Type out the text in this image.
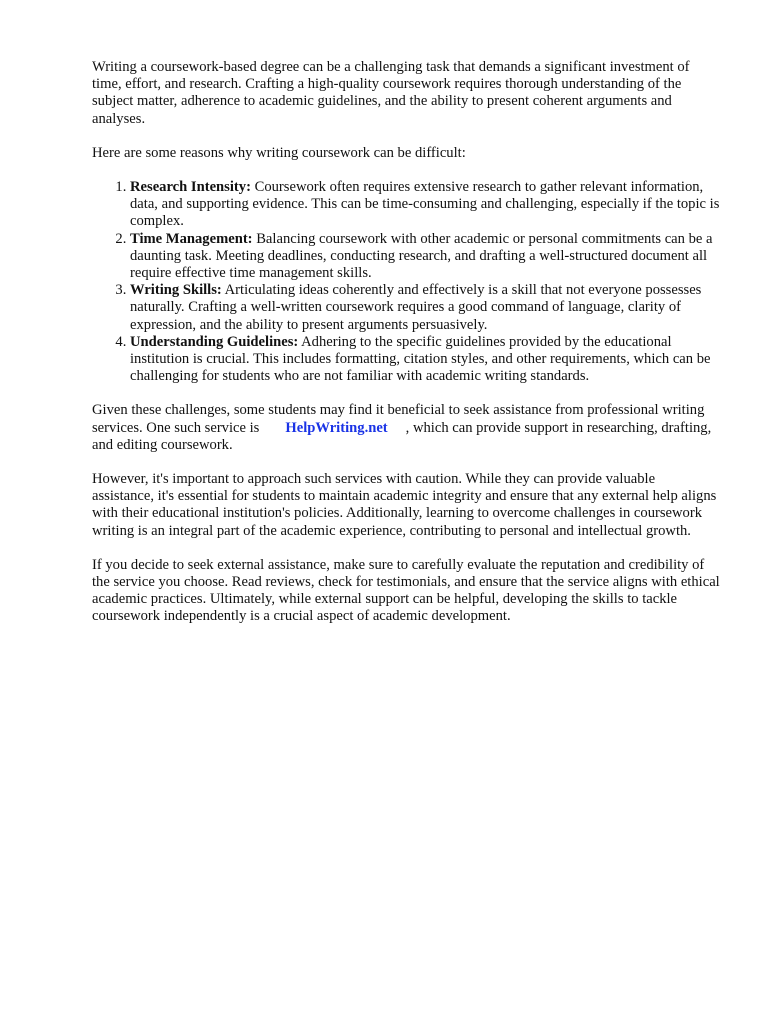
Writing a coursework-based degree can be a challenging task that demands a significant investment of time, effort, and research. Crafting a high-quality coursework requires thorough understanding of the subject matter, adherence to academic guidelines, and the ability to present coherent arguments and analyses.

Here are some reasons why writing coursework can be difficult:

1. Research Intensity: Coursework often requires extensive research to gather relevant information, data, and supporting evidence. This can be time-consuming and challenging, especially if the topic is complex.
2. Time Management: Balancing coursework with other academic or personal commitments can be a daunting task. Meeting deadlines, conducting research, and drafting a well-structured document all require effective time management skills.
3. Writing Skills: Articulating ideas coherently and effectively is a skill that not everyone possesses naturally. Crafting a well-written coursework requires a good command of language, clarity of expression, and the ability to present arguments persuasively.
4. Understanding Guidelines: Adhering to the specific guidelines provided by the educational institution is crucial. This includes formatting, citation styles, and other requirements, which can be challenging for students who are not familiar with academic writing standards.

Given these challenges, some students may find it beneficial to seek assistance from professional writing services. One such service is HelpWriting.net , which can provide support in researching, drafting, and editing coursework.

However, it's important to approach such services with caution. While they can provide valuable assistance, it's essential for students to maintain academic integrity and ensure that any external help aligns with their educational institution's policies. Additionally, learning to overcome challenges in coursework writing is an integral part of the academic experience, contributing to personal and intellectual growth.

If you decide to seek external assistance, make sure to carefully evaluate the reputation and credibility of the service you choose. Read reviews, check for testimonials, and ensure that the service aligns with ethical academic practices. Ultimately, while external support can be helpful, developing the skills to tackle coursework independently is a crucial aspect of academic development.
